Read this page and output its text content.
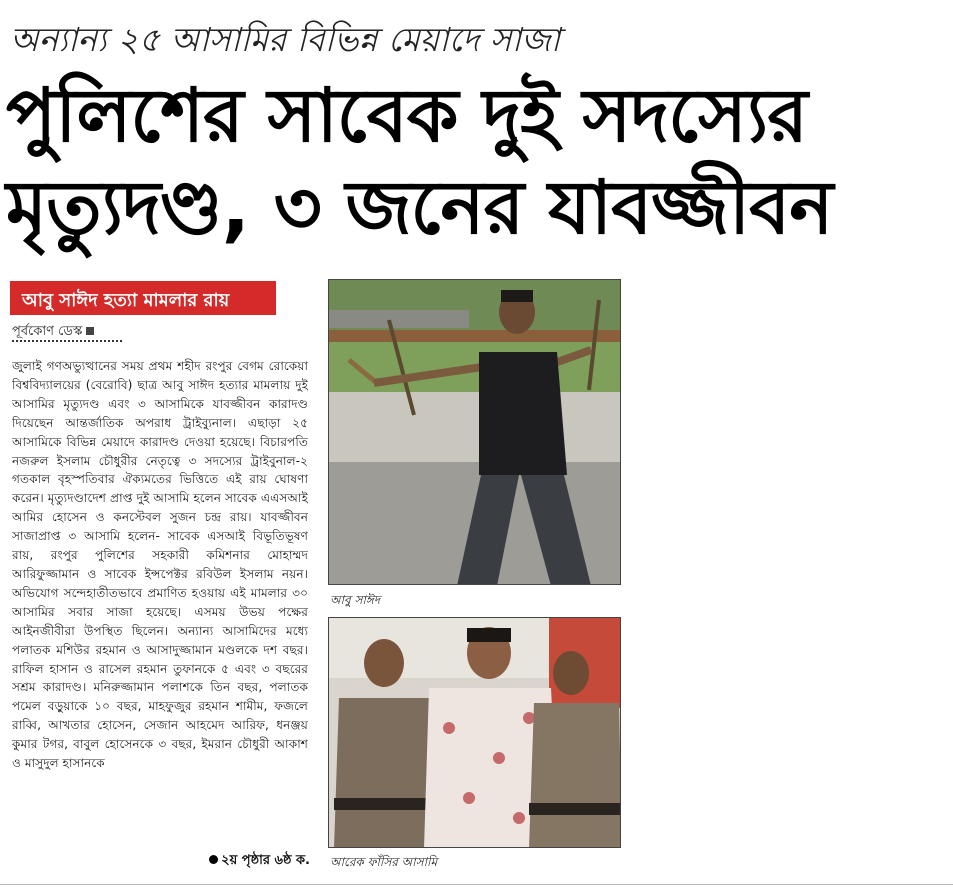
অন্যান্য ২৫ আসামির বিভিন্ন মেয়াদে সাজা
পুলিশের সাবেক দুই সদস্যের
মৃত্যুদণ্ড, ৩ জনের যাবজ্জীবন
আবু সাঈদ হত্যা মামলার রায়
পূর্বকোণ ডেস্ক
জুলাই গণঅভ্যুত্থানের সময় প্রথম শহীদ রংপুর বেগম রোকেয়া বিশ্ববিদ্যালয়ের (বেরোবি) ছাত্র আবু সাঈদ হত্যার মামলায় দুই আসামির মৃত্যুদণ্ড এবং ৩ আসামিকে যাবজ্জীবন কারাদণ্ড দিয়েছেন আন্তর্জাতিক অপরাধ ট্রাইব্যুনাল। এছাড়া ২৫ আসামিকে বিভিন্ন মেয়াদে কারাদণ্ড দেওয়া হয়েছে। বিচারপতি নজরুল ইসলাম চৌধুরীর নেতৃত্বে ৩ সদস্যের ট্রাইবুনাল-২ গতকাল বৃহস্পতিবার ঐক্যমতের ভিত্তিতে এই রায় ঘোষণা করেন। মৃত্যুদণ্ডাদেশ প্রাপ্ত দুই আসামি হলেন সাবেক এএসআই আমির হোসেন ও কনস্টেবল সুজন চন্দ্র রায়। যাবজ্জীবন সাজাপ্রাপ্ত ৩ আসামি হলেন- সাবেক এসআই বিভূতিভূষণ রায়, রংপুর পুলিশের সহকারী কমিশনার মোহাম্মদ আরিফুজ্জামান ও সাবেক ইন্সপেক্টর রবিউল ইসলাম নয়ন। অভিযোগ সন্দেহাতীতভাবে প্রমাণিত হওয়ায় এই মামলার ৩০ আসামির সবার সাজা হয়েছে। এসময় উভয় পক্ষের আইনজীবীরা উপস্থিত ছিলেন। অন্যান্য আসামিদের মধ্যে পলাতক মশিউর রহমান ও আসাদুজ্জামান মণ্ডলকে দশ বছর। রাফিল হাসান ও রাসেল রহমান তুফানকে ৫ এবং ৩ বছরের সশ্রম কারাদণ্ড। মনিরুজ্জামান পলাশকে তিন বছর, পলাতক পমেল বড়ুয়াকে ১০ বছর, মাহফুজুর রহমান শামীম, ফজলে রাব্বি, আখতার হোসেন, সেজান আহমেদ আরিফ, ধনঞ্জয় কুমার টগর, বাবুল হোসেনকে ৩ বছর, ইমরান চৌধুরী আকাশ ও মাসুদুল হাসানকে
২য় পৃষ্ঠার ৬ষ্ঠ ক.
আবু সাঈদ
আরেক ফাঁসির আসামি
